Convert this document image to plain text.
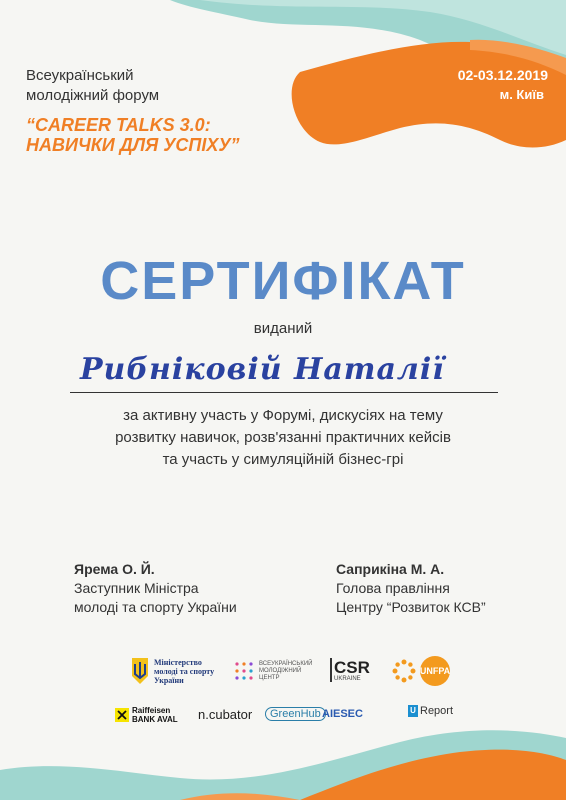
Всеукраїнський
молодіжний форум
“CAREER TALKS 3.0:
НАВИЧКИ ДЛЯ УСПІХУ”
02-03.12.2019
м. Київ
СЕРТИФІКАТ
виданий
Рибніковій Наталії
за активну участь у Форумі, дискусіях на тему
розвитку навичок, розв'язанні практичних кейсів
та участь у симуляційній бізнес-грі
Ярема О. Й.
Заступник Міністра
молоді та спорту України
Саприкіна М. А.
Голова правління
Центру “Розвиток КСВ”
Міністерство
молоді та спорту
України
ВСЕУКРАЇНСЬКИЙ
МОЛОДІЖНИЙ
ЦЕНТР
CSR
UKRAINE
UNFPA
Raiffeisen
BANK AVAL n.cubator	GreenHub AIESEC	U Report
